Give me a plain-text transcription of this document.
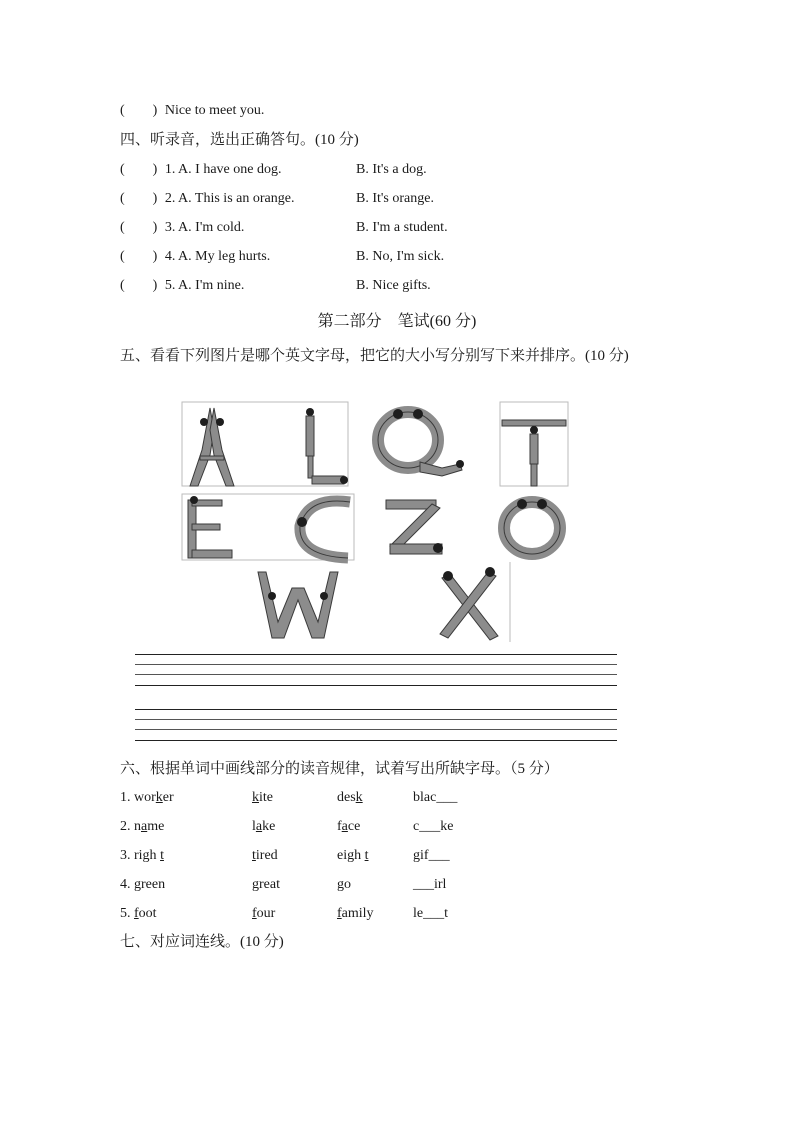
(　　) Nice to meet you.
四、听录音，选出正确答句。(10 分)
(　　) 1. A. I have one dog.	B. It's a dog.
(　　) 2. A. This is an orange.	B. It's orange.
(　　) 3. A. I'm cold.	B. I'm a student.
(　　) 4. A. My leg hurts.	B. No, I'm sick.
(　　) 5. A. I'm nine.	B. Nice gifts.
第二部分　笔试(60 分)
五、看看下列图片是哪个英文字母，把它的大小写分别写下来并排序。(10 分)
六、根据单词中画线部分的读音规律，试着写出所缺字母。（5 分）
1. worker	kite	desk	blac___
2. name	lake	face	c___ke
3. righ t	tired	eigh t	gif___
4. green	great	go	___irl
5. foot	four	family	le___t
七、对应词连线。(10 分)
